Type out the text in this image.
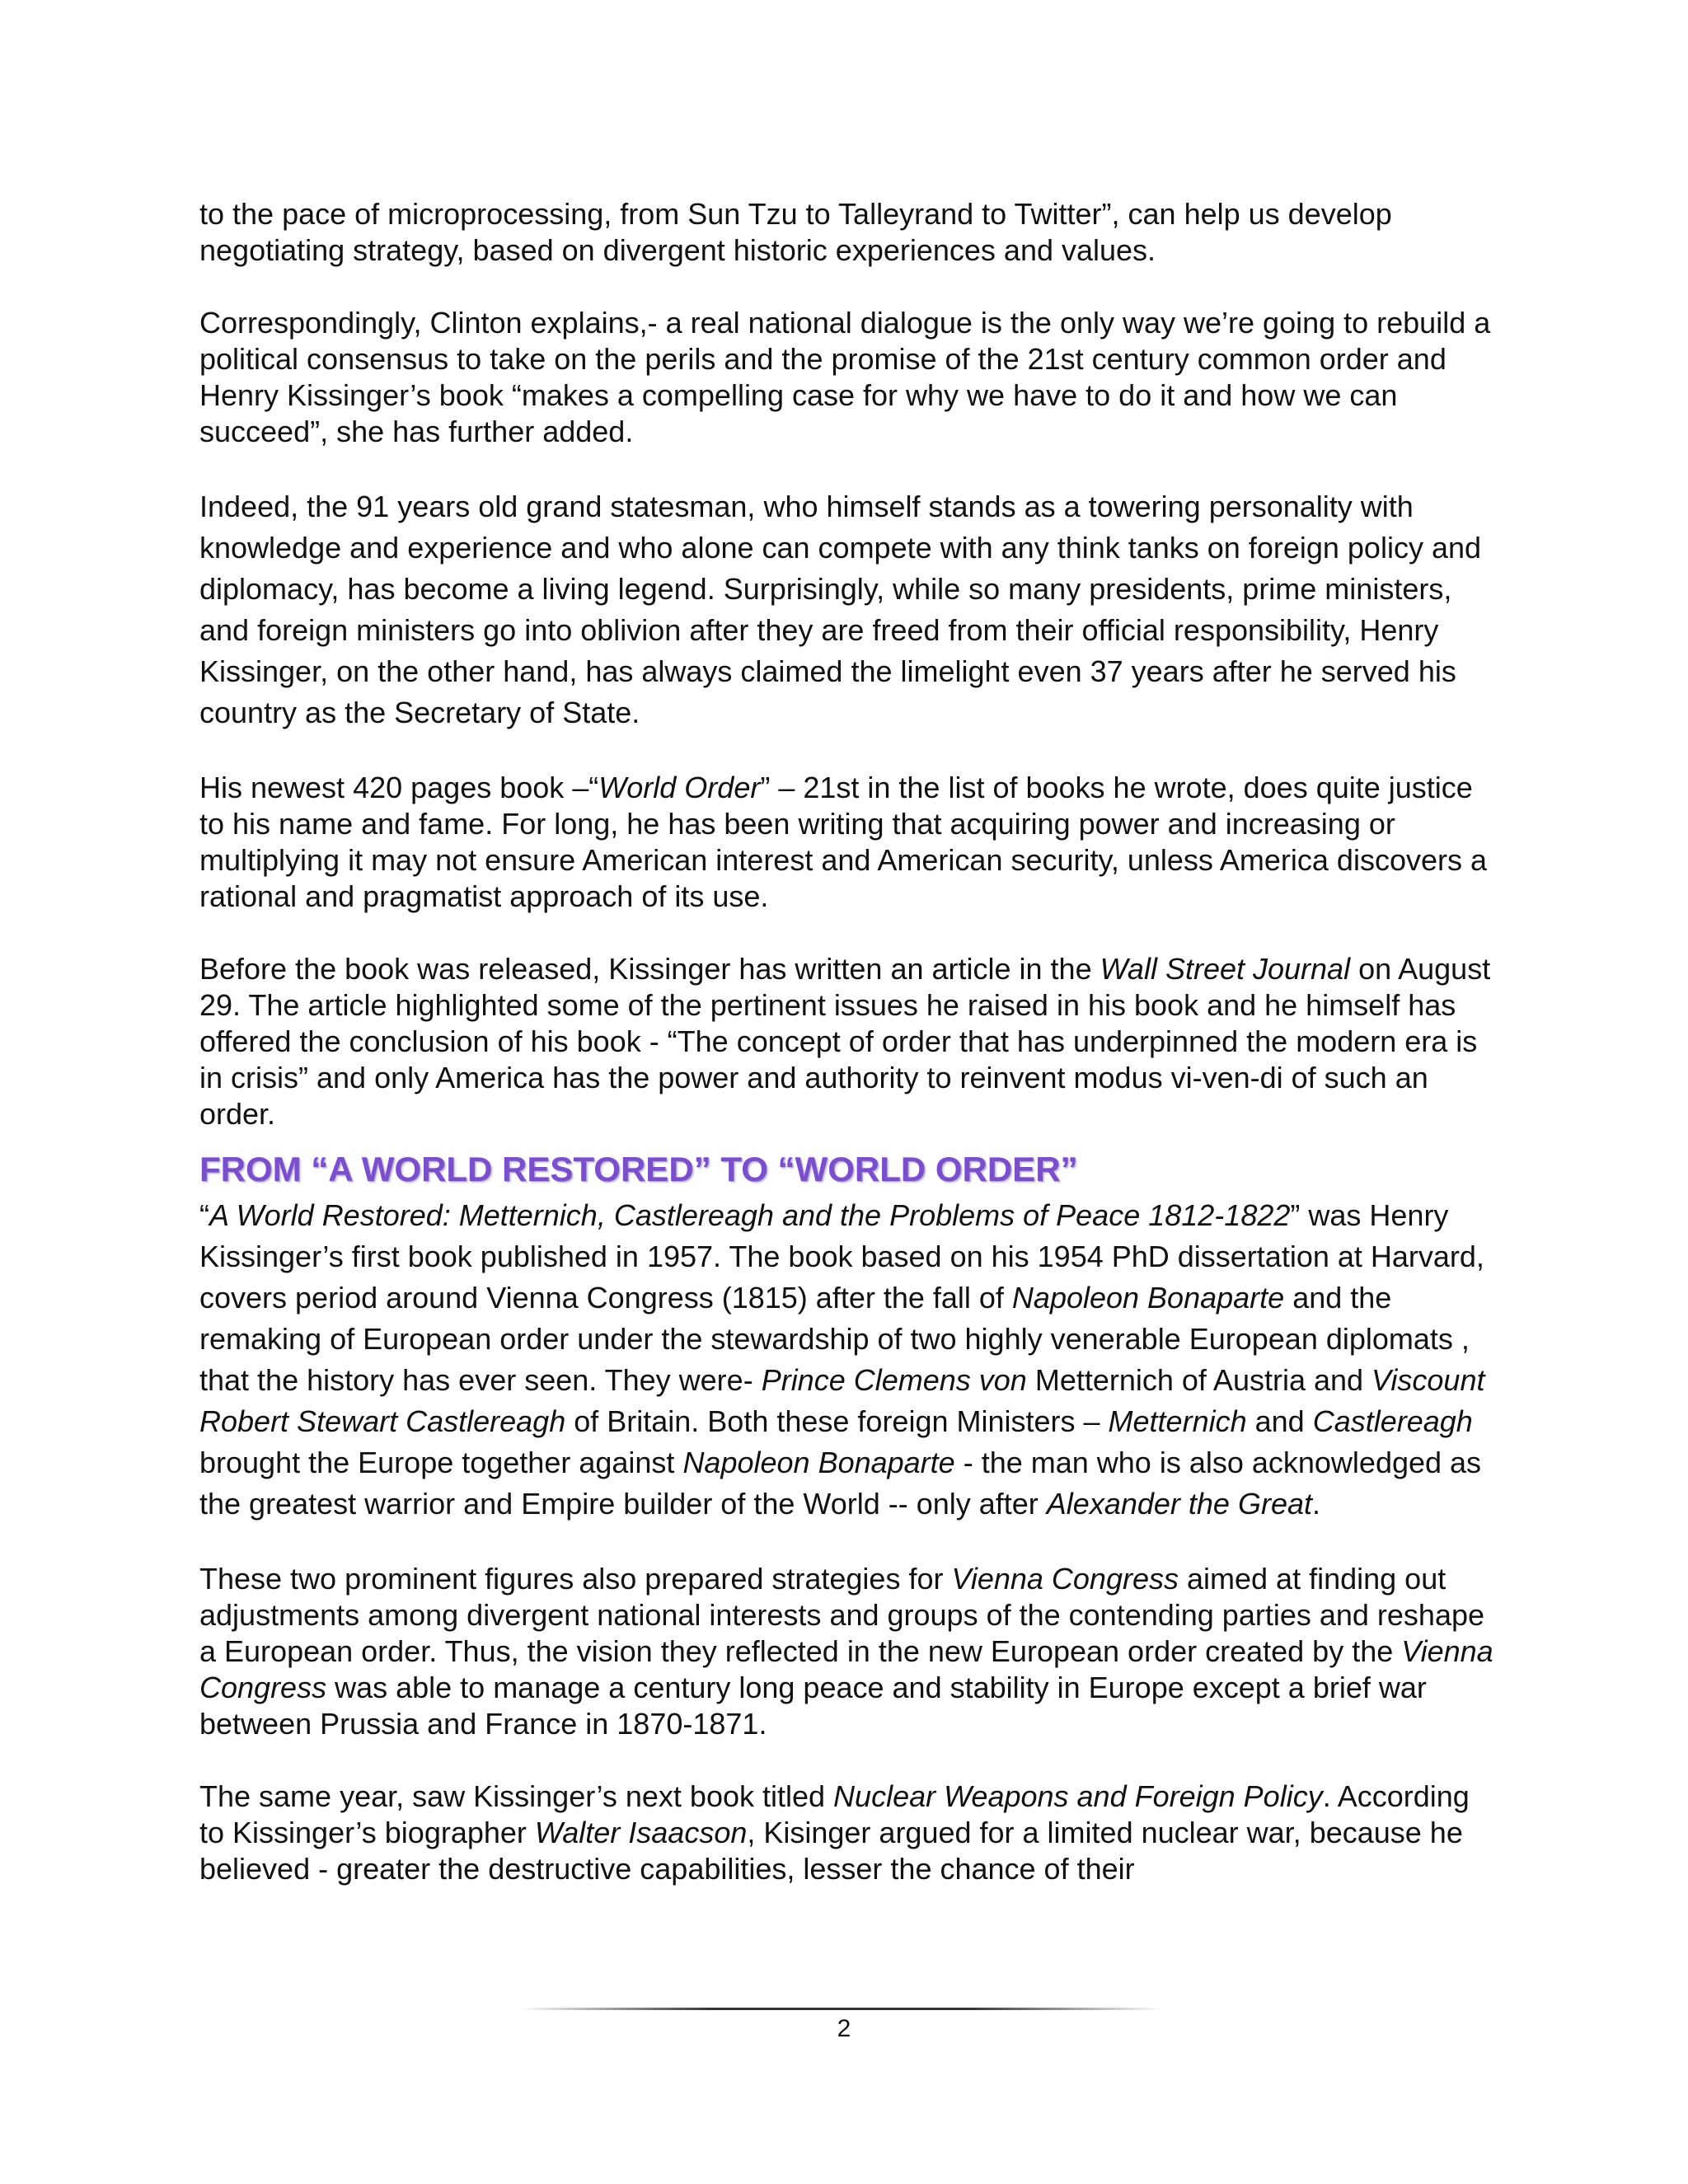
to the pace of microprocessing, from Sun Tzu to Talleyrand to Twitter”, can help us develop negotiating strategy, based on divergent historic experiences and values.

Correspondingly, Clinton explains,- a real national dialogue is the only way we’re going to rebuild a political consensus to take on the perils and the promise of the 21st century common order and Henry Kissinger’s book “makes a compelling case for why we have to do it and how we can succeed”, she has further added.

Indeed, the 91 years old grand statesman, who himself stands as a towering personality with knowledge and experience and who alone can compete with any think tanks on foreign policy and diplomacy, has become a living legend. Surprisingly, while so many presidents, prime ministers, and foreign ministers go into oblivion after they are freed from their official responsibility, Henry Kissinger, on the other hand, has always claimed the limelight even 37 years after he served his country as the Secretary of State.

His newest 420 pages book –“World Order” – 21st in the list of books he wrote, does quite justice to his name and fame. For long, he has been writing that acquiring power and increasing or multiplying it may not ensure American interest and American security, unless America discovers a rational and pragmatist approach of its use.

Before the book was released, Kissinger has written an article in the Wall Street Journal on August 29. The article highlighted some of the pertinent issues he raised in his book and he himself has offered the conclusion of his book - “The concept of order that has underpinned the modern era is in crisis” and only America has the power and authority to reinvent modus vi-ven-di of such an order.

FROM “A WORLD RESTORED” TO “WORLD ORDER”

“A World Restored: Metternich, Castlereagh and the Problems of Peace 1812-1822” was Henry Kissinger’s first book published in 1957. The book based on his 1954 PhD dissertation at Harvard, covers period around Vienna Congress (1815) after the fall of Napoleon Bonaparte and the remaking of European order under the stewardship of two highly venerable European diplomats , that the history has ever seen. They were- Prince Clemens von Metternich of Austria and Viscount Robert Stewart Castlereagh of Britain. Both these foreign Ministers – Metternich and Castlereagh brought the Europe together against Napoleon Bonaparte - the man who is also acknowledged as the greatest warrior and Empire builder of the World -- only after Alexander the Great.

These two prominent figures also prepared strategies for Vienna Congress aimed at finding out adjustments among divergent national interests and groups of the contending parties and reshape a European order. Thus, the vision they reflected in the new European order created by the Vienna Congress was able to manage a century long peace and stability in Europe except a brief war between Prussia and France in 1870-1871.

The same year, saw Kissinger’s next book titled Nuclear Weapons and Foreign Policy. According to Kissinger’s biographer Walter Isaacson, Kisinger argued for a limited nuclear war, because he believed - greater the destructive capabilities, lesser the chance of their

2
